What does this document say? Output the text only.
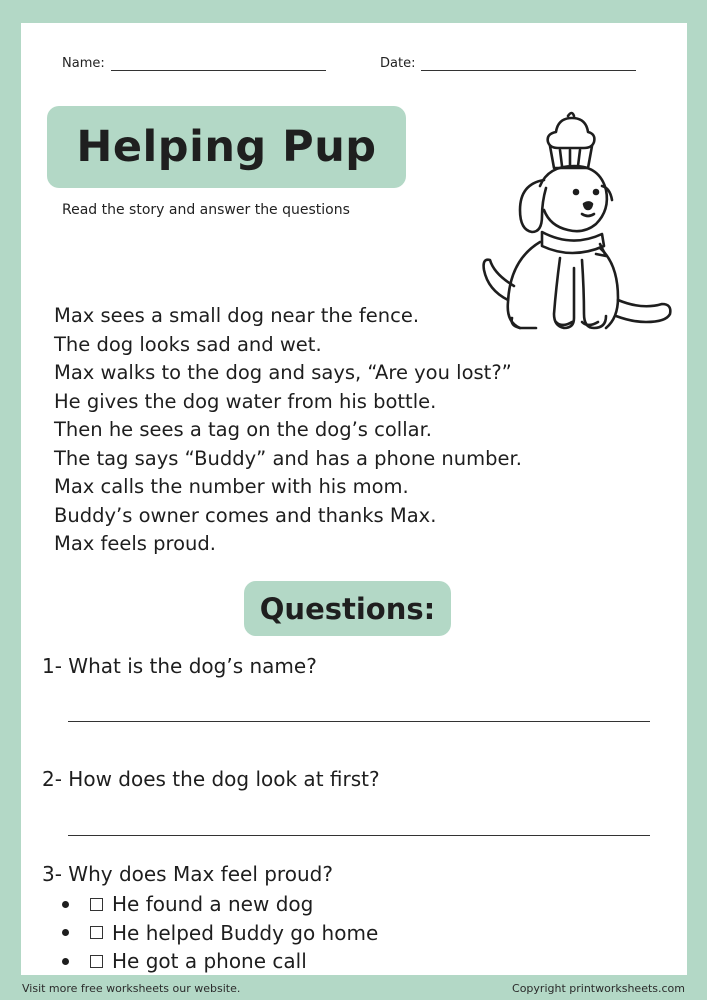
Name:	Date:
Helping Pup
Read the story and answer the questions

Max sees a small dog near the fence.

The dog looks sad and wet.

Max walks to the dog and says, “Are you lost?”

He gives the dog water from his bottle.

Then he sees a tag on the dog’s collar.

The tag says “Buddy” and has a phone number.

Max calls the number with his mom.

Buddy’s owner comes and thanks Max.

Max feels proud.

Questions:
1- What is the dog’s name?
2- How does the dog look at first?
3- Why does Max feel proud?
He found a new dog
He helped Buddy go home
He got a phone call
Visit more free worksheets our website.	Copyright printworksheets.com
